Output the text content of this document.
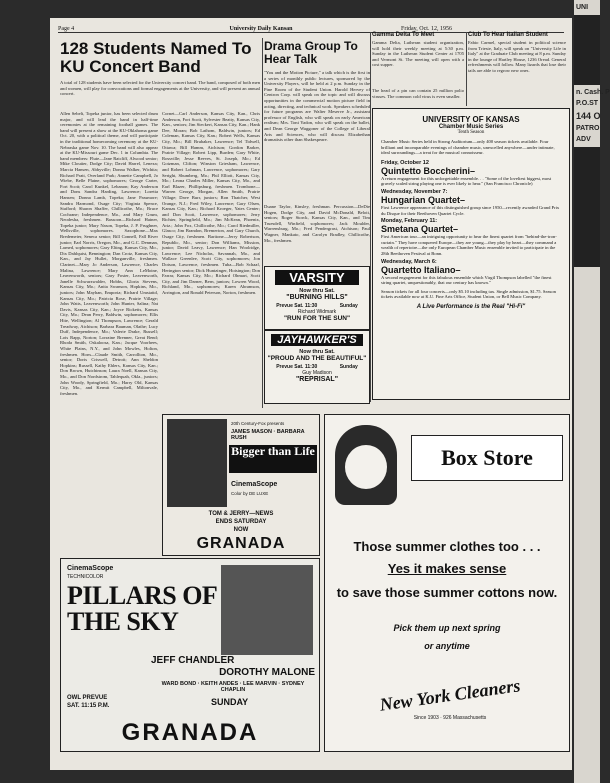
Page 4	University Daily Kansan	Friday, Oct. 12, 1956
128 Students Named To KU Concert Band
A total of 128 students have been selected for the University concert band. The band, composed of both men and women, will play for convocations and formal engagements at the University, and will present an annual concert.
Allen Sebelt, Topeka junior, has been selected drum major, and will lead the band in half-time ceremonies at the remaining football games. The band will present a show at the KU-Oklahoma game Oct. 20, with a political theme, and will participate in the traditional homecoming ceremony at the KU-Nebraska game Nov. 10. The band will also appear at the KU-Missouri game Dec. 1 in Columbia. The band members: Flute—Jane Ratcliff, Alwood senior; Mike Cloutier, Dodge City; David Harrel, Lenexa; Marcia Hansen, Abbyville; Donna Walker, Wichita; Richard Pratt, Overland Park; Annette Campbell, Jo Wiebe, Belle Plaine, sophomores; George Carter, Fort Scott; Carol Kunkel, Lebanon; Kay Anderson and Dons Sandra Harding, Lawrence; Loretta Hansen; Donna Lamb, Topeka; Jane Passmore; Sandra Harmond, Osage City; Virginia Spence, Stafford; Sharon Shaffer, Chillicothe, Mo.; Bruce Cochrane; Independence, Mo., and Mary Grum, Neodesha, freshmen. Bassoon—Richard Hainer, Topeka junior; Mary Nason, Topeka, J. P. Frughner, Wellsville, sophomores. Saxophone—Max Bredemeier, Seneca senior; Bill Connell, Fall River junior; Earl Norris, Oregon, Mo., and G.C. Denman, Larned, sophomores; Gary Elting, Kansas City, Mo., Dix Dahlquist, Bennington; Dan Crotz, Kansas City, Kan., and Jay Hullet, Morganville, freshmen. Clarinet—Mary Jo Anderson, Lawrence, Charles Malina, Lawrence; Mary Ann LeMoine, Leavenworth, seniors; Gary Foster, Leavenworth, Janelle Schwarzwalder, Hobbs, Gloria Stevens, Kansas City, Mo.; Anita Swanson, Hopkins, Mo., juniors; John Mayhan, Emporia; Richard Umstattd, Kansas City, Mo.; Patricia Rose, Prairie Village; John Watts, Leavenworth; John Hunter, Salina; Nat Davis, Kansas City, Kan.; Joyce Ricketts, Kansas City, Mo.; Dean Perry, Baldwin, sophomores; Ellis Hite, Wellington; Al Thompson, Lawrence; Gerald Treadway, Atchison; Barbara Bauman, Olathe; Lucy Duff, Independence, Mo.; Valerie Drake, Russell; Lois Rapp, Norton; Lorraine Brenner, Great Bend; Rhoda Smith, Oskaloosa, Kan.; Jacque Voorhees, White Plains, N.Y., and John Mowles, Holton, freshmen. Horn—Claude Smith, Carrollton, Mo., senior; Doris Criswell, Detroit; Ann Sheldon Hopkins; Russell, Kathy Ehlers, Kansas City, Kan.; Don Brown, Hutchinson; Laura Noell, Kansas City, Mo., and Don Nordstrom, Tahlequah, Okla., juniors; John Woody, Springfield, Mo.; Harry Old, Kansas City, Mo., and Kermit Campbell, Miltonvale, freshmen.
Cornet—Carl Anderson, Kansas City, Kan., Chris Anderson, Fort Scott, Sylvester Beatty, Kansas City, Kan., seniors; Jim Sieckert, Kansas City, Kan.; Hank Dee, Moran; Bob Lathom, Baldwin, juniors; Ed Coleman, Kansas City, Kan.; Robert Wells, Kansas City, Mo.; Bill Brubaker, Lawrence; Tel Tidwell, Ottawa; Bill Hamm, Atchison; Gordon Barker, Prairie Village; Robert Lipp, Burden; Gary White, Rossville; Jesse Reeves, St. Joseph, Mo.; Ed Gotzman, Clifton; Winston Griesham, Lawrence, and Robert Lohman, Lawrence, sophomores; Gary Seright, Shumberg, Mo.; Phil Elliott, Kansas City, Mo.; Leona Charles Miller, Kansas City, Mo., and Earl Blazer, Phillipsburg, freshmen. Trombone—Warren George, Morgan, Allen Smith, Prairie Village; Dave Burr, juniors; Ron Thatcher, West Orange, N.J.; Fred Wiley, Lawrence; Gary Olsen, Kansas City, Kan.; Richard Kroeger, Yates Center; and Don Scott, Lawrence, sophomores; Jerry Richter, Springfield, Mo.; Jim McKean, Phoenix, Ariz.; John Fox, Chillicothe, Mo.; Carol Riedmiller, Glasco; Jim Brandon, Bremerton, and Gary Church, Osage City, freshmen. Baritone—Jerry Robertson, Republic, Mo., senior; Don Williams, Mission, junior; David Leavy, Lawrence; Han Woolridge, Lawrence; Lee Nicholas, Savannah, Mo., and Wallace Greenlee, Scott City, sophomores; Jon Dotson, Lawrence, freshmen. Tuba—Bob Schaaf, Herington senior; Dick Huntzinger, Hoisington; Don Farrar, Kansas City, Mo.; Richard Ohmart, Scott City, and Jim Darner, Bern, juniors; Lowren Wood, Richland, Mo., sophomores; Karen Abramson, Arrington, and Ronald Peterson, Norton, freshmen.
Drama Group To Hear Talk
"You and the Motion Picture," a talk which is the first in a series of monthly public lectures, sponsored by the University Players, will be held at 2 p.m. Sunday in the Pine Room of the Student Union. Harold Hervey of Centron Corp. will speak on the topic and will discuss opportunities in the commercial motion picture field in acting, directing, and technical work. Speakers scheduled for future programs are Walter Meserve Jr., assistant professor of English, who will speak on early American realism; Mrs. Toni Yadon, who will speak on the ballet, and Dean George Waggoner of the College of Liberal Arts and Sciences, who will discuss Elizabethan dramatists other than Shakespeare.
Duane Taylor, Kinsley, freshman. Percussion—DeDie Hogen, Dodge City, and David McDonald, Beloit, seniors; Roger Storck, Kansas City, Kan., and Tim Truesdell, Winfield, sophomores; Jack Moulder, Warrensburg, Mo.; Fred Pendergrast, Atchison; Paul Wagner, Mankato, and Carolyn Bradley, Chillicothe, Mo., freshmen.
Gamma Delta To Meet
Gamma Delta, Lutheran student organization, will hold their weekly meeting at 5:30 p.m. Sunday in the Lutheran Student Center at 1705 and Vermont St. The meeting will open with a cost supper.
The head of a pin can contain 25 million polio viruses. The common cold virus is even smaller.
Club To Hear Italian Student
Fabio Carmel, special student in political science from Trieste, Italy, will speak on "University Life in Italy" at the Graduate Club meeting at 8 p.m. Sunday in the lounge of Hartley House, 1236 Oread. General refreshments will follow. Many lizards that lose their tails are able to regrow new ones.
UNIVERSITY OF KANSAS
Chamber Music Series
Tenth Season
Chamber Music Series held in Strong Auditorium—only 400 season tickets available. Four brilliant and incomparable evenings of chamber music, unexcelled anywhere—under intimate, ideal surroundings—a treat for the musical connoisseur.
Friday, October 12
Quintetto Boccherini–
A return engagement for this unforgettable ensemble. . . "Some of the loveliest biggest, most gravely scaled string playing one is ever likely to hear." (San Francisco Chronicle)
Wednesday, November 7:
Hungarian Quartet–
First Lawrence appearance of this distinguished group since 1950—recently awarded Grand Prix du Disque for their Beethoven Quartet Cycle.
Monday, February 11:
Smetana Quartet–
First American tour—an intriguing opportunity to hear the finest quartet from "behind-the-iron-curtain." They have conquered Europe—they are young—they play by heart—they command a wealth of repertoire—the only European Chamber Music ensemble invited to participate in the 28th Beethoven Festival at Bonn.
Wednesday, March 6:
Quartetto Italiano–
A second engagement for this fabulous ensemble which Virgil Thompson labelled "the finest string quartet, unquestionably, that our century has known."
Season tickets for all four concerts—only $5.10 including tax. Single admission, $1.75. Season tickets available now at K.U. Fine Arts Office, Student Union, or Bell Music Company.
A Live Performance is the Real "Hi-Fi"
VARSITY
Now thru Sat.
"BURNING HILLS"
Prevue Sat. 11:30	Sunday
Richard Widmark
"RUN FOR THE SUN"
JAYHAWKER'S
Now thru Sat.
"PROUD AND THE BEAUTIFUL"
Prevue Sat. 11:30	Sunday
Guy Madison
"REPRISAL"
20th Century-Fox presents
JAMES MASON · BARBARA RUSH
Bigger than Life
CinemaScope
Color by DE LUXE
TOM & JERRY—NEWS
ENDS SATURDAY
NOW
GRANADA
CinemaScope
TECHNICOLOR
PILLARS OF THE SKY
JEFF CHANDLER
DOROTHY MALONE
WARD BOND · KEITH ANDES · LEE MARVIN · SYDNEY CHAPLIN
OWL PREVUE
SAT. 11:15 P.M.	SUNDAY
GRANADA
Box Store
Those summer clothes too . . .
Yes it makes sense
to save those summer cottons now.
Pick them up next spring
or anytime
New York Cleaners
Since 1903 · 926 Massachusetts
UNI
n. Cash. P
P.O.ST
144 O
PATRO
ADV
